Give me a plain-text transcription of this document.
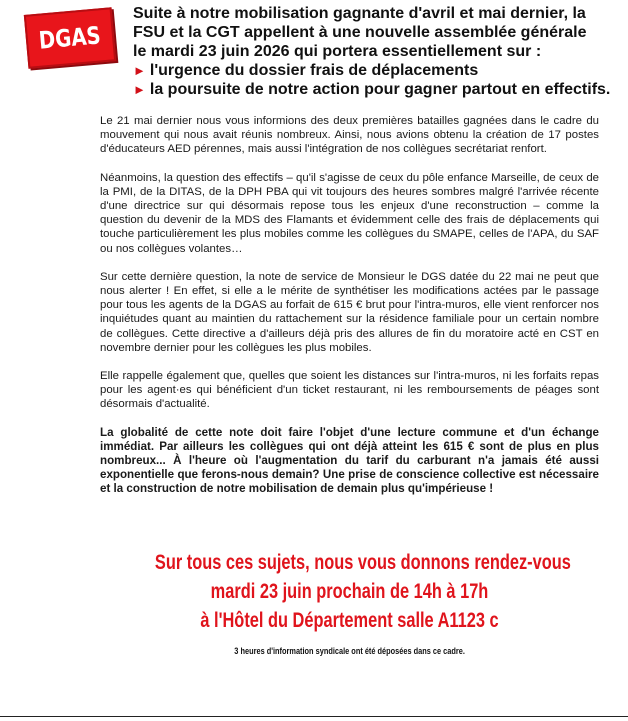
DGAS
Suite à notre mobilisation gagnante d'avril et mai dernier, la
FSU et la CGT appellent à une nouvelle assemblée générale
le mardi 23 juin 2026 qui portera essentiellement sur :
► l'urgence du dossier frais de déplacements
► la poursuite de notre action pour gagner partout en effectifs.

Le 21 mai dernier nous vous informions des deux premières batailles gagnées dans le cadre du mouvement qui nous avait réunis nombreux. Ainsi, nous avions obtenu la création de 17 postes d'éducateurs AED pérennes, mais aussi l'intégration de nos collègues secrétariat renfort.

Néanmoins, la question des effectifs – qu'il s'agisse de ceux du pôle enfance Marseille, de ceux de la PMI, de la DITAS, de la DPH PBA qui vit toujours des heures sombres malgré l'arrivée récente d'une directrice sur qui désormais repose tous les enjeux d'une reconstruction – comme la question du devenir de la MDS des Flamants et évidemment celle des frais de déplacements qui touche particulièrement les plus mobiles comme les collègues du SMAPE, celles de l'APA, du SAF ou nos collègues volantes…

Sur cette dernière question, la note de service de Monsieur le DGS datée du 22 mai ne peut que nous alerter ! En effet, si elle a le mérite de synthétiser les modifications actées par le passage pour tous les agents de la DGAS au forfait de 615 € brut pour l'intra-muros, elle vient renforcer nos inquiétudes quant au maintien du rattachement sur la résidence familiale pour un certain nombre de collègues. Cette directive a d'ailleurs déjà pris des allures de fin du moratoire acté en CST en novembre dernier pour les collègues les plus mobiles.

Elle rappelle également que, quelles que soient les distances sur l'intra-muros, ni les forfaits repas pour les agent·es qui bénéficient d'un ticket restaurant, ni les remboursements de péages sont désormais d'actualité.

La globalité de cette note doit faire l'objet d'une lecture commune et d'un échange immédiat. Par ailleurs les collègues qui ont déjà atteint les 615 € sont de plus en plus nombreux... À l'heure où l'augmentation du tarif du carburant n'a jamais été aussi exponentielle que ferons-nous demain? Une prise de conscience collective est nécessaire et la construction de notre mobilisation de demain plus qu'impérieuse !

Sur tous ces sujets, nous vous donnons rendez-vous
mardi 23 juin prochain de 14h à 17h
à l'Hôtel du Département salle A1123 c
3 heures d'information syndicale ont été déposées dans ce cadre.
